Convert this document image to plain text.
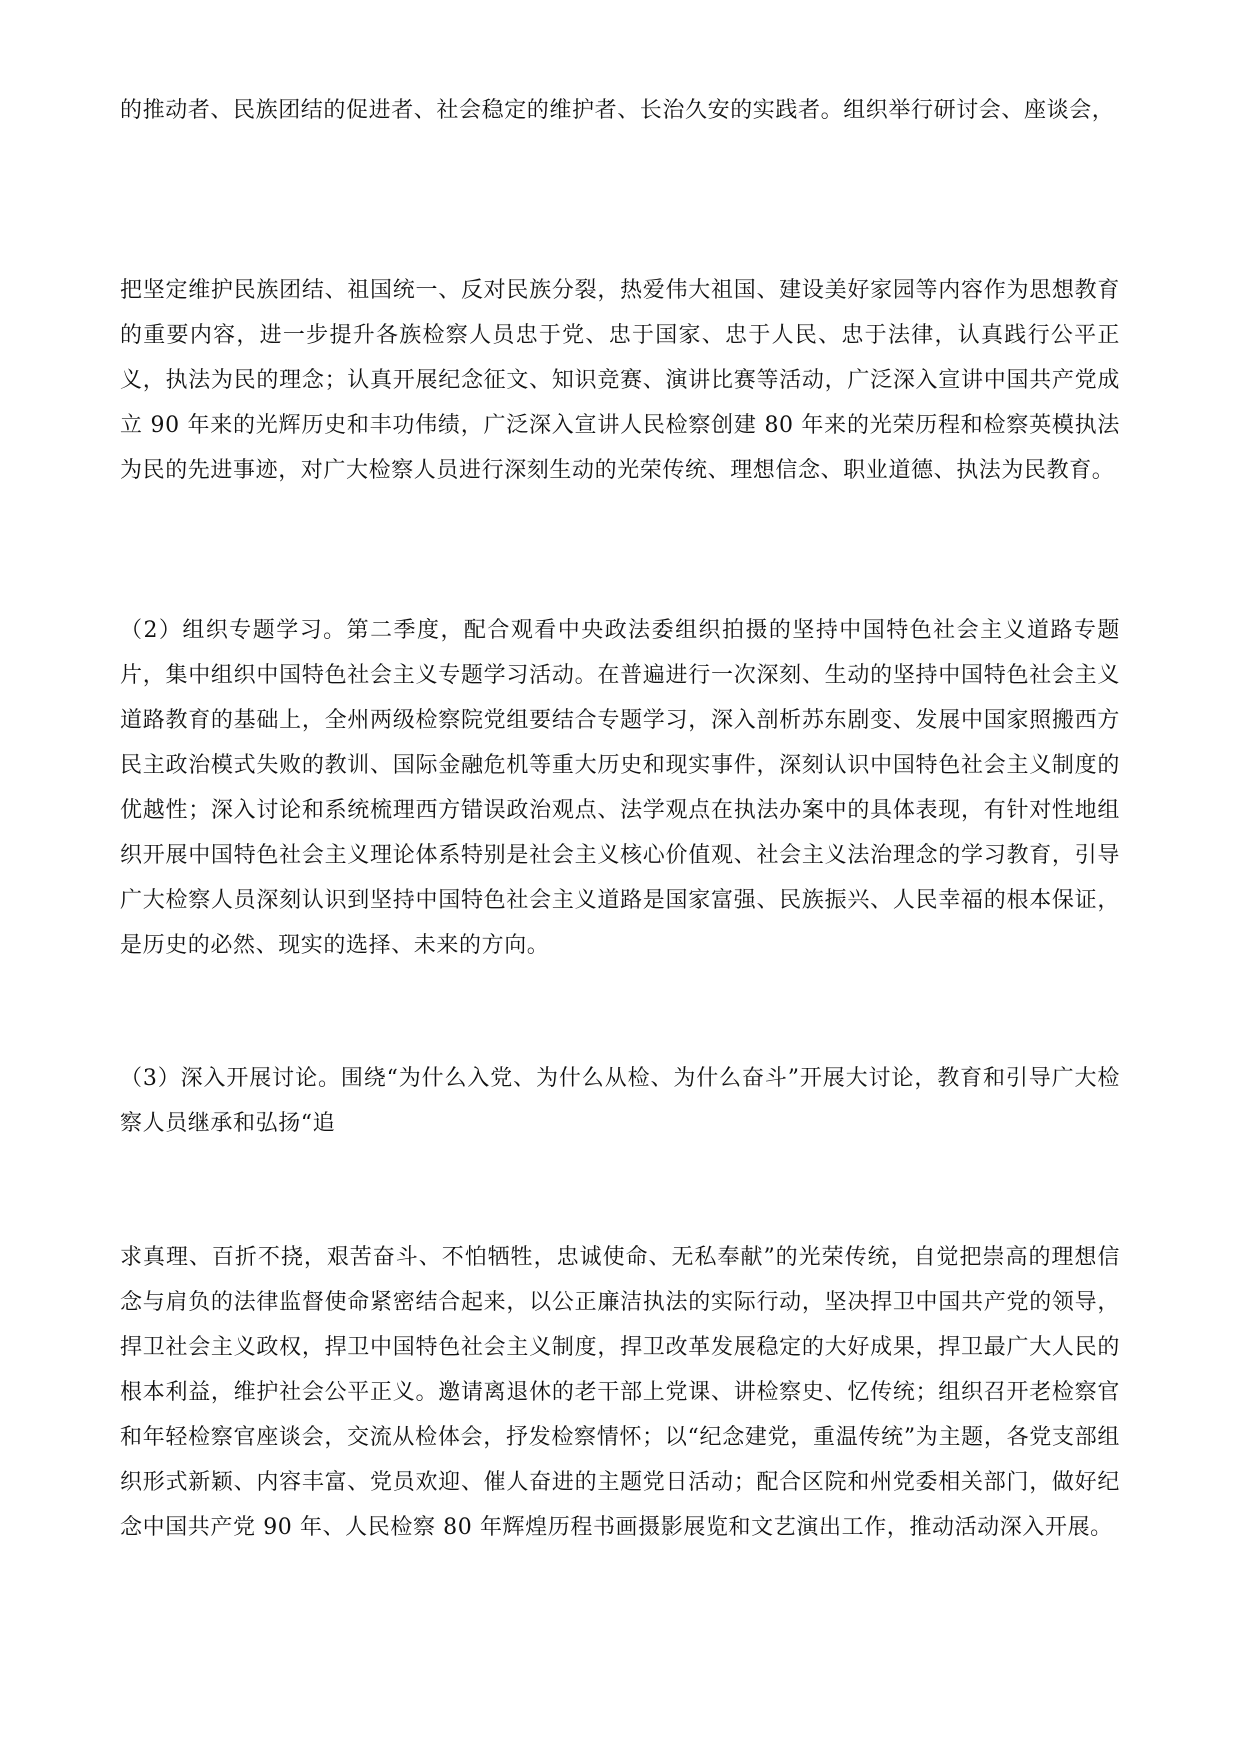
的推动者、民族团结的促进者、社会稳定的维护者、长治久安的实践者。组织举行研讨会、座谈会，

把坚定维护民族团结、祖国统一、反对民族分裂，热爱伟大祖国、建设美好家园等内容作为思想教育的重要内容，进一步提升各族检察人员忠于党、忠于国家、忠于人民、忠于法律，认真践行公平正义，执法为民的理念；认真开展纪念征文、知识竞赛、演讲比赛等活动，广泛深入宣讲中国共产党成立 90 年来的光辉历史和丰功伟绩，广泛深入宣讲人民检察创建 80 年来的光荣历程和检察英模执法为民的先进事迹，对广大检察人员进行深刻生动的光荣传统、理想信念、职业道德、执法为民教育。

（2）组织专题学习。第二季度，配合观看中央政法委组织拍摄的坚持中国特色社会主义道路专题片，集中组织中国特色社会主义专题学习活动。在普遍进行一次深刻、生动的坚持中国特色社会主义道路教育的基础上，全州两级检察院党组要结合专题学习，深入剖析苏东剧变、发展中国家照搬西方民主政治模式失败的教训、国际金融危机等重大历史和现实事件，深刻认识中国特色社会主义制度的优越性；深入讨论和系统梳理西方错误政治观点、法学观点在执法办案中的具体表现，有针对性地组织开展中国特色社会主义理论体系特别是社会主义核心价值观、社会主义法治理念的学习教育，引导广大检察人员深刻认识到坚持中国特色社会主义道路是国家富强、民族振兴、人民幸福的根本保证，是历史的必然、现实的选择、未来的方向。

（3）深入开展讨论。围绕“为什么入党、为什么从检、为什么奋斗”开展大讨论，教育和引导广大检察人员继承和弘扬“追

求真理、百折不挠，艰苦奋斗、不怕牺牲，忠诚使命、无私奉献”的光荣传统，自觉把崇高的理想信念与肩负的法律监督使命紧密结合起来，以公正廉洁执法的实际行动，坚决捍卫中国共产党的领导，捍卫社会主义政权，捍卫中国特色社会主义制度，捍卫改革发展稳定的大好成果，捍卫最广大人民的根本利益，维护社会公平正义。邀请离退休的老干部上党课、讲检察史、忆传统；组织召开老检察官和年轻检察官座谈会，交流从检体会，抒发检察情怀；以“纪念建党，重温传统”为主题，各党支部组织形式新颖、内容丰富、党员欢迎、催人奋进的主题党日活动；配合区院和州党委相关部门，做好纪念中国共产党 90 年、人民检察 80 年辉煌历程书画摄影展览和文艺演出工作，推动活动深入开展。
